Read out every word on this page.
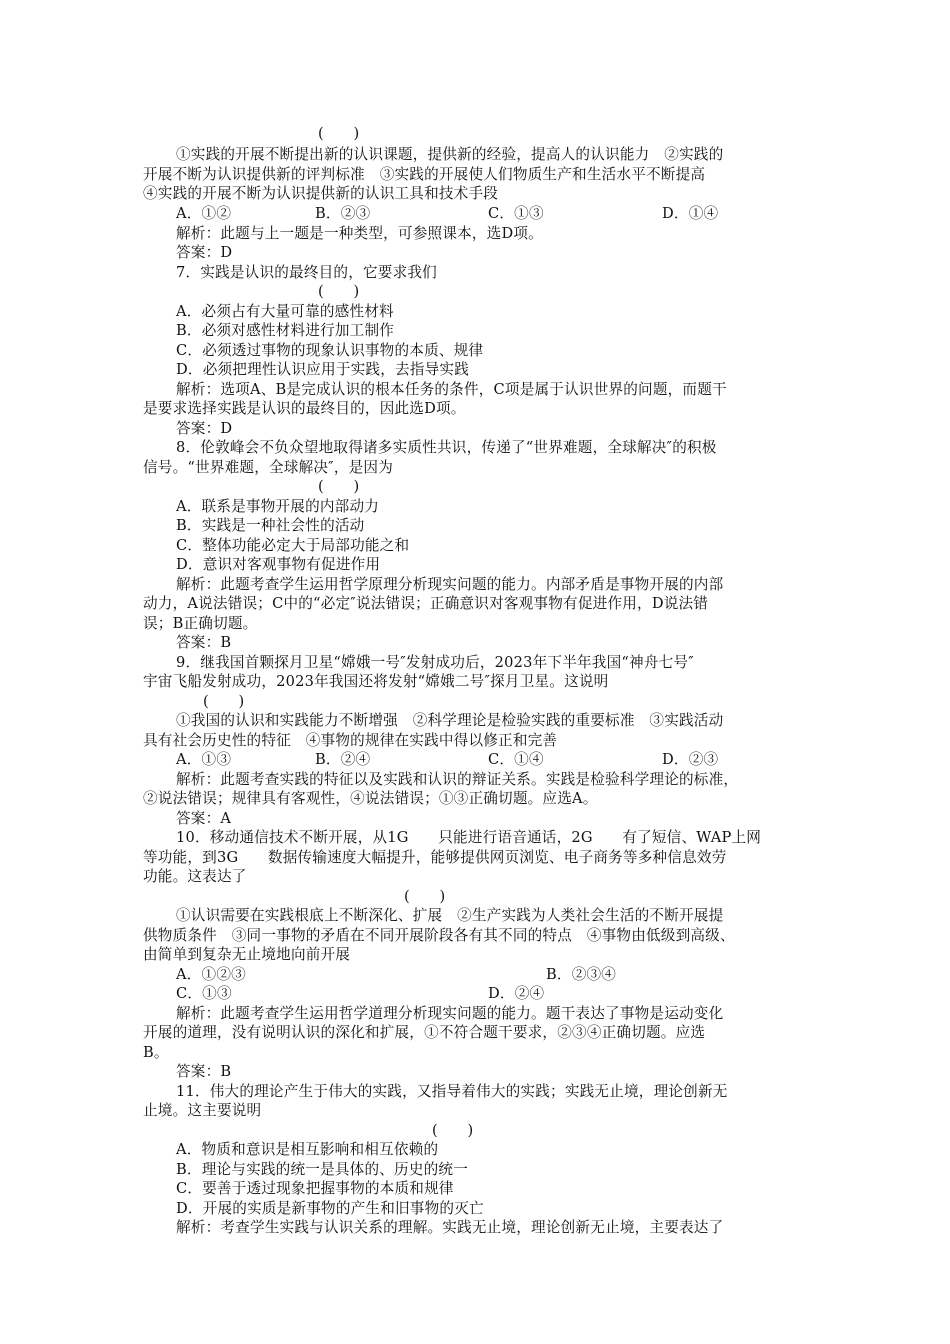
(　　)
①实践的开展不断提出新的认识课题，提供新的经验，提高人的认识能力　②实践的
开展不断为认识提供新的评判标准　③实践的开展使人们物质生产和生活水平不断提高
④实践的开展不断为认识提供新的认识工具和技术手段
A．①②	B．②③	C．①③	D．①④
解析：此题与上一题是一种类型，可参照课本，选D项。
答案：D
7．实践是认识的最终目的，它要求我们
(　　)
A．必须占有大量可靠的感性材料
B．必须对感性材料进行加工制作
C．必须透过事物的现象认识事物的本质、规律
D．必须把理性认识应用于实践，去指导实践
解析：选项A、B是完成认识的根本任务的条件，C项是属于认识世界的问题，而题干
是要求选择实践是认识的最终目的，因此选D项。
答案：D
8．伦敦峰会不负众望地取得诸多实质性共识，传递了“世界难题，全球解决″的积极
信号。“世界难题，全球解决″，是因为
(　　)
A．联系是事物开展的内部动力
B．实践是一种社会性的活动
C．整体功能必定大于局部功能之和
D．意识对客观事物有促进作用
解析：此题考查学生运用哲学原理分析现实问题的能力。内部矛盾是事物开展的内部
动力，A说法错误；C中的“必定″说法错误；正确意识对客观事物有促进作用，D说法错
误；B正确切题。
答案：B
9．继我国首颗探月卫星“嫦娥一号″发射成功后，2023年下半年我国“神舟七号″
宇宙飞船发射成功，2023年我国还将发射“嫦娥二号″探月卫星。这说明
(　　)
①我国的认识和实践能力不断增强　②科学理论是检验实践的重要标准　③实践活动
具有社会历史性的特征　④事物的规律在实践中得以修正和完善
A．①③	B．②④	C．①④	D．②③
解析：此题考查实践的特征以及实践和认识的辩证关系。实践是检验科学理论的标准，
②说法错误；规律具有客观性，④说法错误；①③正确切题。应选A。
答案：A
10．移动通信技术不断开展，从1G　　只能进行语音通话，2G　　有了短信、WAP上网
等功能，到3G　　数据传输速度大幅提升，能够提供网页浏览、电子商务等多种信息效劳
功能。这表达了
(　　)
①认识需要在实践根底上不断深化、扩展　②生产实践为人类社会生活的不断开展提
供物质条件　③同一事物的矛盾在不同开展阶段各有其不同的特点　④事物由低级到高级、
由简单到复杂无止境地向前开展
A．①②③	B．②③④
C．①③	D．②④
解析：此题考查学生运用哲学道理分析现实问题的能力。题干表达了事物是运动变化
开展的道理，没有说明认识的深化和扩展，①不符合题干要求，②③④正确切题。应选
B。
答案：B
11．伟大的理论产生于伟大的实践，又指导着伟大的实践；实践无止境，理论创新无
止境。这主要说明
(　　)
A．物质和意识是相互影响和相互依赖的
B．理论与实践的统一是具体的、历史的统一
C．要善于透过现象把握事物的本质和规律
D．开展的实质是新事物的产生和旧事物的灭亡
解析：考查学生实践与认识关系的理解。实践无止境，理论创新无止境，主要表达了
